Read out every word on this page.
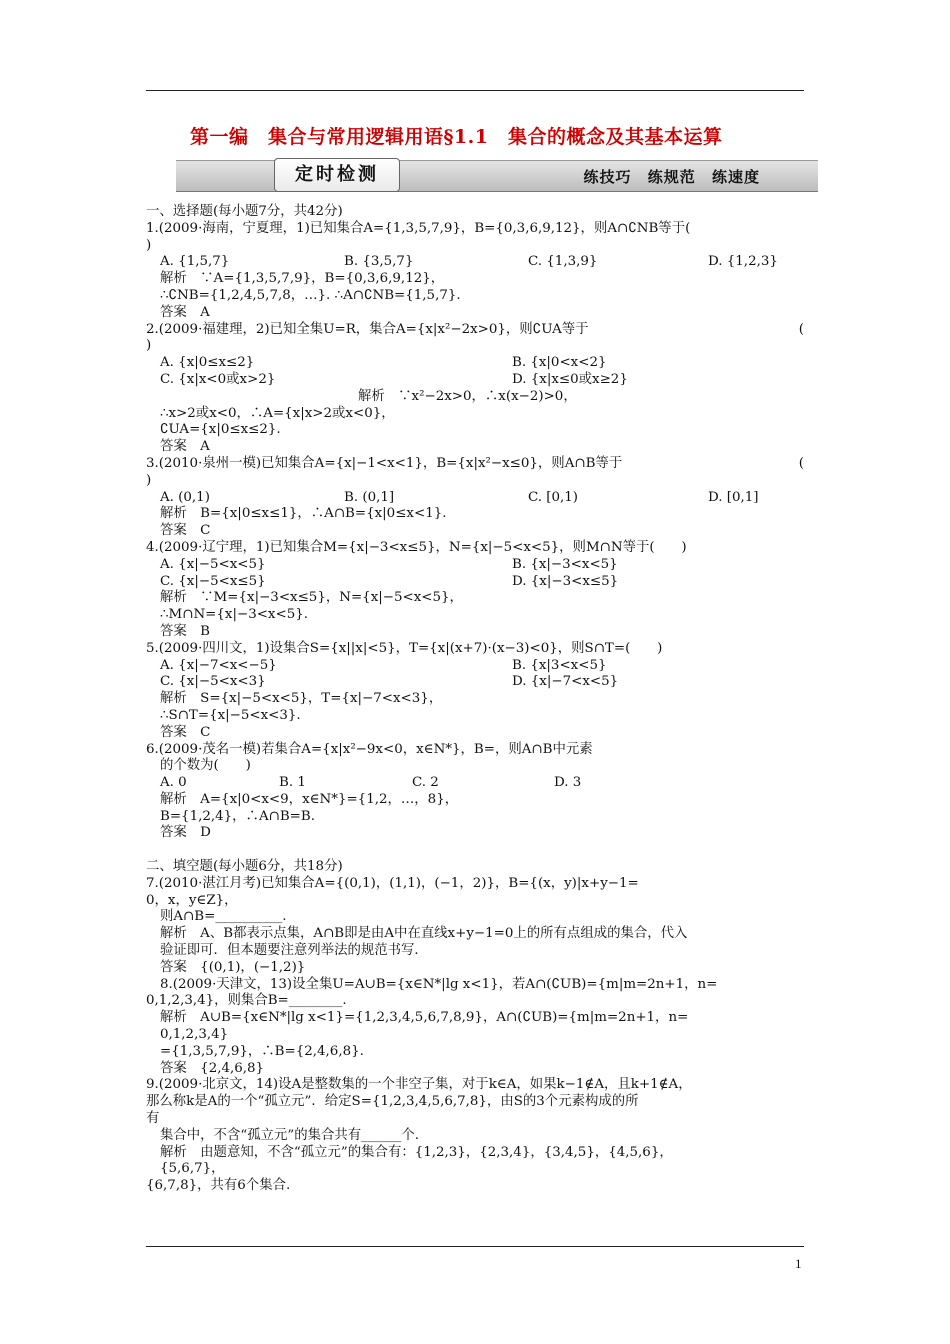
第一编　集合与常用逻辑用语§1.1　集合的概念及其基本运算
定时检测	练技巧 练规范 练速度
一、选择题(每小题7分，共42分)
1.(2009·海南，宁夏理，1)已知集合A={1,3,5,7,9}，B={0,3,6,9,12}，则A∩∁NB等于(
)
A. {1,5,7}	B. {3,5,7}	C. {1,3,9}	D. {1,2,3}
解析　∵A={1,3,5,7,9}，B={0,3,6,9,12}，
∴∁NB={1,2,4,5,7,8，…}. ∴A∩∁NB={1,5,7}.
答案　A
2.(2009·福建理，2)已知全集U=R，集合A={x|x²−2x>0}，则∁UA等于	(
)
A. {x|0≤x≤2}	B. {x|0<x<2}
C. {x|x<0或x>2}	D. {x|x≤0或x≥2}
解析　∵x²−2x>0，∴x(x−2)>0，
∴x>2或x<0，∴A={x|x>2或x<0}，
∁UA={x|0≤x≤2}.
答案　A
3.(2010·泉州一模)已知集合A={x|−1<x<1}，B={x|x²−x≤0}，则A∩B等于	(
)
A. (0,1)	B. (0,1]	C. [0,1)	D. [0,1]
解析　B={x|0≤x≤1}，∴A∩B={x|0≤x<1}.
答案　C
4.(2009·辽宁理，1)已知集合M={x|−3<x≤5}，N={x|−5<x<5}，则M∩N等于(　　)
A. {x|−5<x<5}	B. {x|−3<x<5}
C. {x|−5<x≤5}	D. {x|−3<x≤5}
解析　∵M={x|−3<x≤5}，N={x|−5<x<5}，
∴M∩N={x|−3<x<5}.
答案　B
5.(2009·四川文，1)设集合S={x||x|<5}，T={x|(x+7)·(x−3)<0}，则S∩T=(　　)
A. {x|−7<x<−5}	B. {x|3<x<5}
C. {x|−5<x<3}	D. {x|−7<x<5}
解析　S={x|−5<x<5}，T={x|−7<x<3}，
∴S∩T={x|−5<x<3}.
答案　C
6.(2009·茂名一模)若集合A={x|x²−9x<0，x∈N*}，B=，则A∩B中元素
的个数为(　　)
A. 0	B. 1	C. 2	D. 3
解析　A={x|0<x<9，x∈N*}={1,2，…，8}，
B={1,2,4}，∴A∩B=B.
答案　D
二、填空题(每小题6分，共18分)
7.(2010·湛江月考)已知集合A={(0,1)，(1,1)，(−1，2)}，B={(x，y)|x+y−1=
0，x，y∈Z}，
则A∩B=__________.
解析　A、B都表示点集，A∩B即是由A中在直线x+y−1=0上的所有点组成的集合，代入
验证即可．但本题要注意列举法的规范书写．
答案　{(0,1)，(−1,2)}
8.(2009·天津文，13)设全集U=A∪B={x∈N*|lg x<1}，若A∩(∁UB)={m|m=2n+1，n=
0,1,2,3,4}，则集合B=________.
解析　A∪B={x∈N*|lg x<1}={1,2,3,4,5,6,7,8,9}，A∩(∁UB)={m|m=2n+1，n=
0,1,2,3,4}
={1,3,5,7,9}，∴B={2,4,6,8}.
答案　{2,4,6,8}
9.(2009·北京文，14)设A是整数集的一个非空子集，对于k∈A，如果k−1∉A，且k+1∉A，
那么称k是A的一个“孤立元”．给定S={1,2,3,4,5,6,7,8}，由S的3个元素构成的所
有
集合中，不含“孤立元”的集合共有______个.
解析　由题意知，不含“孤立元”的集合有：{1,2,3}，{2,3,4}，{3,4,5}，{4,5,6}，
{5,6,7}，
{6,7,8}，共有6个集合.
1
